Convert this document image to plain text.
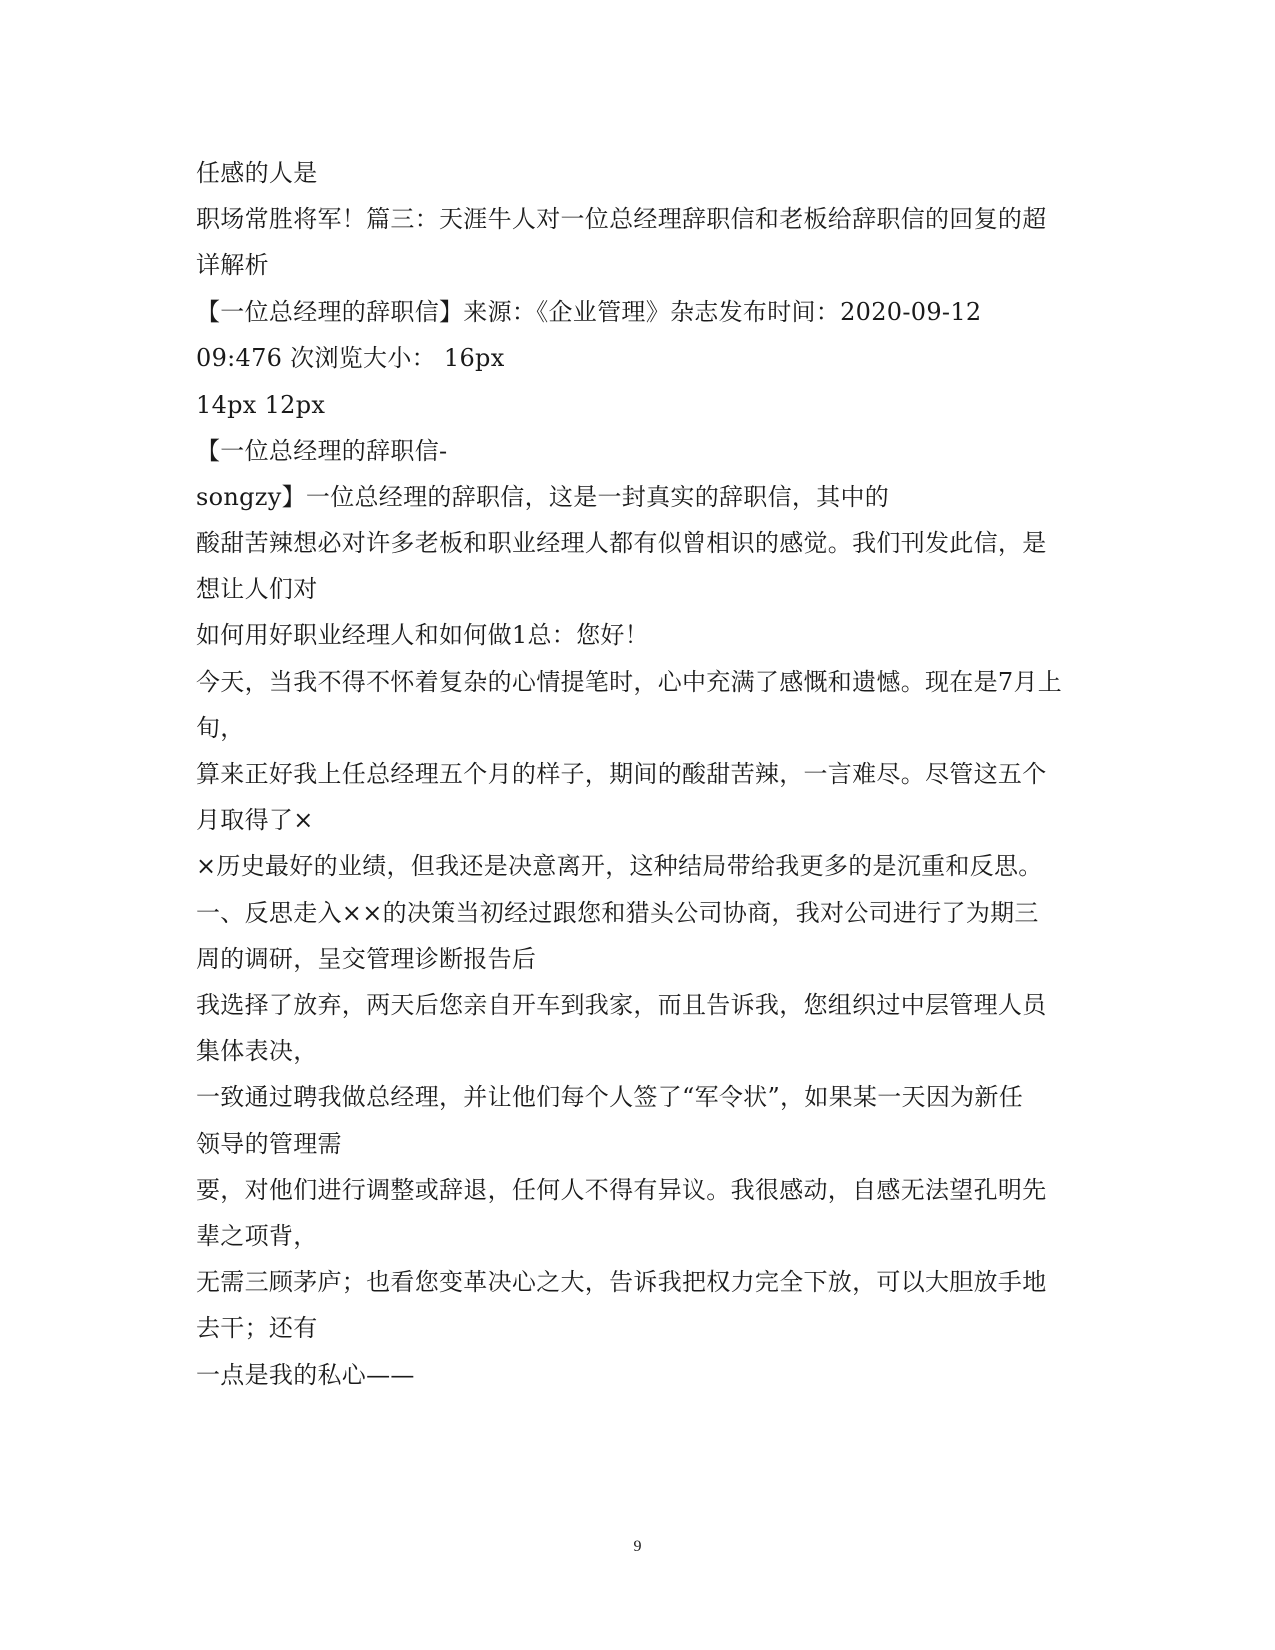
任感的人是
职场常胜将军！篇三：天涯牛人对一位总经理辞职信和老板给辞职信的回复的超
详解析
【一位总经理的辞职信】来源：《企业管理》杂志发布时间：2020-09-12
09:476 次浏览大小： 16px
14px 12px
【一位总经理的辞职信-
songzy】一位总经理的辞职信，这是一封真实的辞职信，其中的
酸甜苦辣想必对许多老板和职业经理人都有似曾相识的感觉。我们刊发此信，是
想让人们对
如何用好职业经理人和如何做1总：您好！
今天，当我不得不怀着复杂的心情提笔时，心中充满了感慨和遗憾。现在是7月上
旬，
算来正好我上任总经理五个月的样子，期间的酸甜苦辣，一言难尽。尽管这五个
月取得了×
×历史最好的业绩，但我还是决意离开，这种结局带给我更多的是沉重和反思。
一、反思走入××的决策当初经过跟您和猎头公司协商，我对公司进行了为期三
周的调研，呈交管理诊断报告后
我选择了放弃，两天后您亲自开车到我家，而且告诉我，您组织过中层管理人员
集体表决，
一致通过聘我做总经理，并让他们每个人签了“军令状”，如果某一天因为新任
领导的管理需
要，对他们进行调整或辞退，任何人不得有异议。我很感动，自感无法望孔明先
辈之项背，
无需三顾茅庐；也看您变革决心之大，告诉我把权力完全下放，可以大胆放手地
去干；还有
一点是我的私心——
9
